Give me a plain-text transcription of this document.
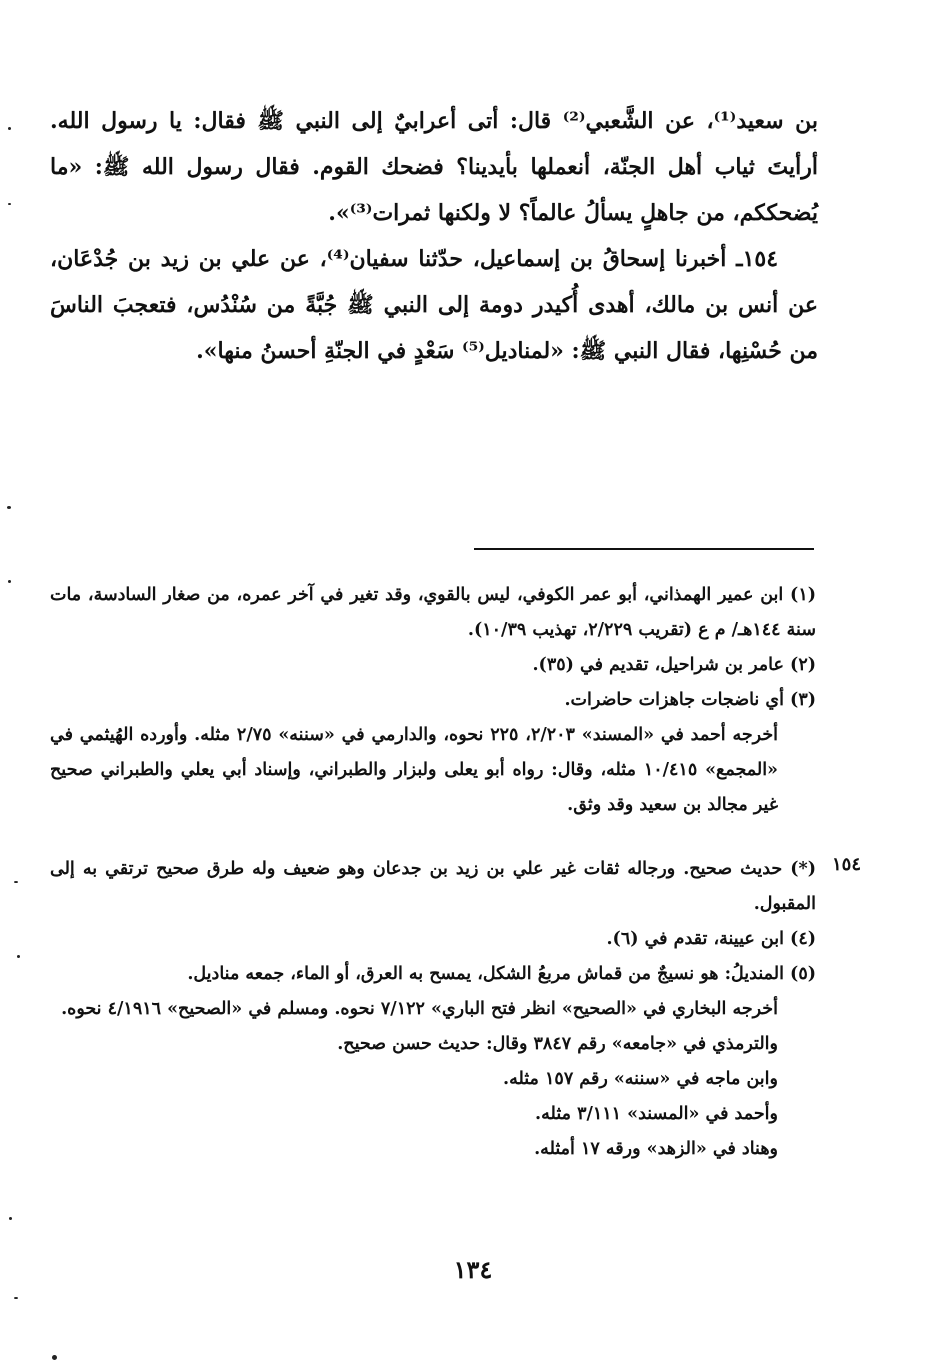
بن سعيد⁽¹⁾، عن الشَّعبي⁽²⁾ قال: أتى أعرابيٌ إلى النبي ﷺ فقال: يا رسول الله. أرأيتَ ثياب أهل الجنّة، أنعملها بأيدينا؟ فضحك القوم. فقال رسول الله ﷺ: «ما يُضحككم، من جاهلٍ يسألُ عالماً؟ لا ولكنها ثمرات⁽³⁾».

١٥٤ـ أخبرنا إسحاقُ بن إسماعيل، حدّثنا سفيان⁽⁴⁾، عن علي بن زيد بن جُدْعَان، عن أنس بن مالك، أهدى أُكيدر دومة إلى النبي ﷺ جُبَّةً من سُنْدُس، فتعجبَ الناسَ من حُسْنِها، فقال النبي ﷺ: «لمناديل⁽⁵⁾ سَعْدٍ في الجنّةِ أحسنُ منها».

(١) ابن عمير الهمذاني، أبو عمر الكوفي، ليس بالقوي، وقد تغير في آخر عمره، من صغار السادسة، مات سنة ١٤٤هـ/ م ع (تقريب ٢/٢٢٩، تهذيب ١٠/٣٩).

(٢) عامر بن شراحيل، تقديم في (٣٥).

(٣) أي ناضجات جاهزات حاضرات.

أخرجه أحمد في «المسند» ٢/٢٠٣، ٢٢٥ نحوه، والدارمي في «سننه» ٢/٧٥ مثله. وأورده الهُيثمي في «المجمع» ١٠/٤١٥ مثله، وقال: رواه أبو يعلى ولبزار والطبراني، وإسناد أبي يعلي والطبراني صحيح غير مجالد بن سعيد وقد وثق.

١٥٤

(*) حديث صحيح. ورجاله ثقات غير علي بن زيد بن جدعان وهو ضعيف وله طرق صحيح ترتقي به إلى المقبول.

(٤) ابن عيينة، تقدم في (٦).

(٥) المنديلُ: هو نسيجٌ من قماش مربعُ الشكل، يمسح به العرق، أو الماء، جمعه مناديل.

أخرجه البخاري في «الصحيح» انظر فتح الباري» ٧/١٢٢ نحوه. ومسلم في «الصحيح» ٤/١٩١٦ نحوه.

والترمذي في «جامعه» رقم ٣٨٤٧ وقال: حديث حسن صحيح.

وابن ماجه في «سننه» رقم ١٥٧ مثله.

وأحمد في «المسند» ٣/١١١ مثله.

وهناد في «الزهد» ورقه ١٧ أمثله.

١٣٤
